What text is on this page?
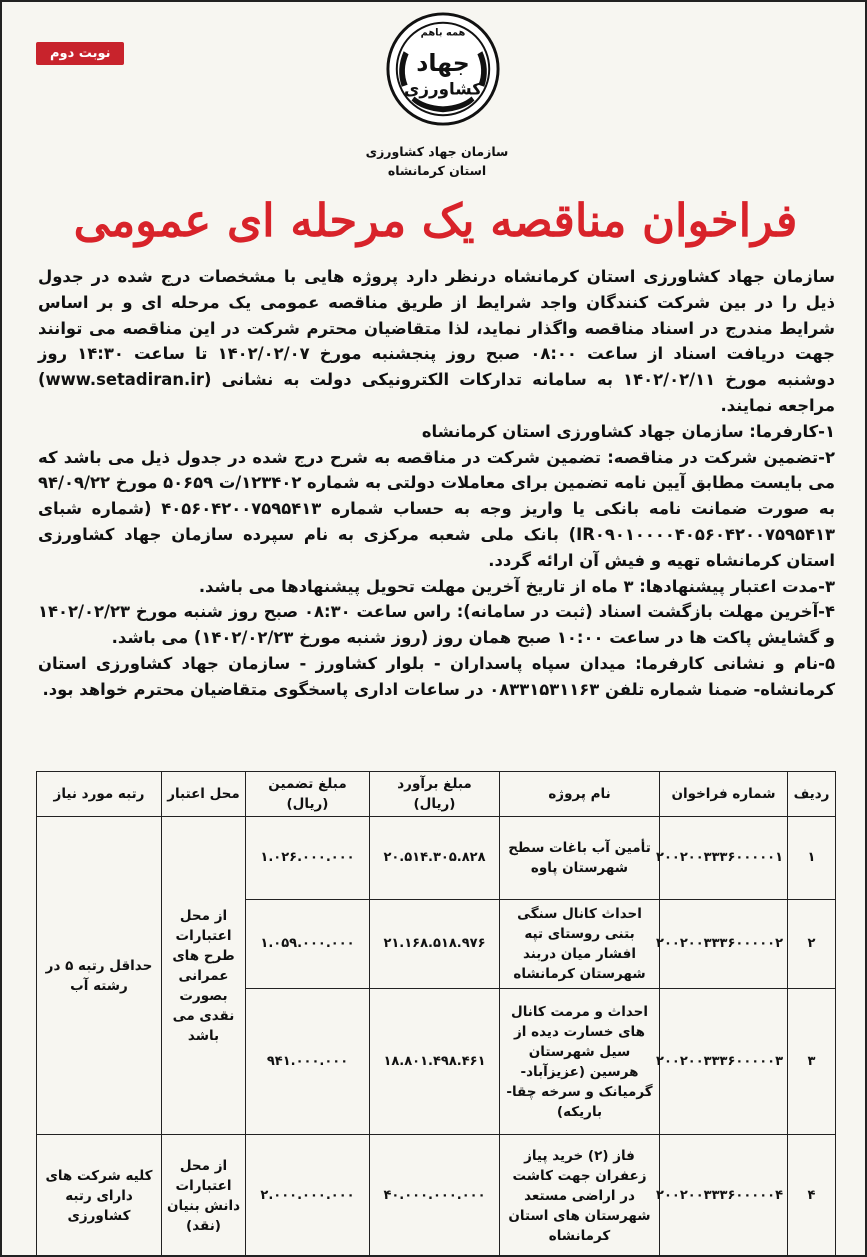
نوبت دوم
همه باهم
جهاد
کشاورزی
سازمان جهاد کشاورزی
استان کرمانشاه
فراخوان مناقصه یک مرحله ای عمومی

سازمان جهاد کشاورزی استان کرمانشاه درنظر دارد پروژه هایی با مشخصات درج شده در جدول ذیل را در بین شرکت کنندگان واجد شرایط از طریق مناقصه عمومی یک مرحله ای و بر اساس شرایط مندرج در اسناد مناقصه واگذار نماید، لذا متقاضیان محترم شرکت در این مناقصه می توانند جهت دریافت اسناد از ساعت ۰۸:۰۰ صبح روز پنجشنبه مورخ ۱۴۰۲/۰۲/۰۷ تا ساعت ۱۴:۳۰ روز دوشنبه مورخ ۱۴۰۲/۰۲/۱۱ به سامانه تدارکات الکترونیکی دولت به نشانی (www.setadiran.ir) مراجعه نمایند.

۱-کارفرما: سازمان جهاد کشاورزی استان کرمانشاه

۲-تضمین شرکت در مناقصه: تضمین شرکت در مناقصه به شرح درج شده در جدول ذیل می باشد که می بایست مطابق آیین نامه تضمین برای معاملات دولتی به شماره ۱۲۳۴۰۲/ت ۵۰۶۵۹ مورخ ۹۴/۰۹/۲۲ به صورت ضمانت نامه بانکی یا واریز وجه به حساب شماره ۴۰۵۶۰۴۲۰۰۷۵۹۵۴۱۳ (شماره شبای IR۰۹۰۱۰۰۰۰۴۰۵۶۰۴۲۰۰۷۵۹۵۴۱۳) بانک ملی شعبه مرکزی به نام سپرده سازمان جهاد کشاورزی استان کرمانشاه تهیه و فیش آن ارائه گردد.

۳-مدت اعتبار پیشنهادها: ۳ ماه از تاریخ آخرین مهلت تحویل پیشنهادها می باشد.

۴-آخرین مهلت بازگشت اسناد (ثبت در سامانه): راس ساعت ۰۸:۳۰ صبح روز شنبه مورخ ۱۴۰۲/۰۲/۲۳ و گشایش پاکت ها در ساعت ۱۰:۰۰ صبح همان روز (روز شنبه مورخ ۱۴۰۲/۰۲/۲۳) می باشد.

۵-نام و نشانی کارفرما: میدان سپاه پاسداران - بلوار کشاورز - سازمان جهاد کشاورزی استان کرمانشاه- ضمنا شماره تلفن ۰۸۳۳۱۵۳۱۱۶۳ در ساعات اداری پاسخگوی متقاضیان محترم خواهد بود.

ردیف	شماره فراخوان	نام پروژه	مبلغ برآورد (ریال)	مبلغ تضمین (ریال)	محل اعتبار	رتبه مورد نیاز
۱	۲۰۰۲۰۰۳۳۳۶۰۰۰۰۰۱	تأمین آب باغات سطح شهرستان پاوه	۲۰.۵۱۴.۳۰۵.۸۲۸	۱.۰۲۶.۰۰۰.۰۰۰	از محل اعتبارات طرح های عمرانی بصورت نقدی می باشد	حداقل رتبه ۵ در رشته آب
۲	۲۰۰۲۰۰۳۳۳۶۰۰۰۰۰۲	احداث کانال سنگی بتنی روستای تپه افشار میان دربند شهرستان کرمانشاه	۲۱.۱۶۸.۵۱۸.۹۷۶	۱.۰۵۹.۰۰۰.۰۰۰		
۳	۲۰۰۲۰۰۳۳۳۶۰۰۰۰۰۳	احداث و مرمت کانال های خسارت دیده از سیل شهرستان هرسین (عزیزآباد-گرمیانک و سرخه چقا-باریکه)	۱۸.۸۰۱.۴۹۸.۴۶۱	۹۴۱.۰۰۰.۰۰۰		
۴	۲۰۰۲۰۰۳۳۳۶۰۰۰۰۰۴	فاز (۲) خرید پیاز زعفران جهت کاشت در اراضی مستعد شهرستان های استان کرمانشاه	۴۰.۰۰۰.۰۰۰.۰۰۰	۲.۰۰۰.۰۰۰.۰۰۰	از محل اعتبارات دانش بنیان (نقد)	کلیه شرکت های دارای رتبه کشاورزی
